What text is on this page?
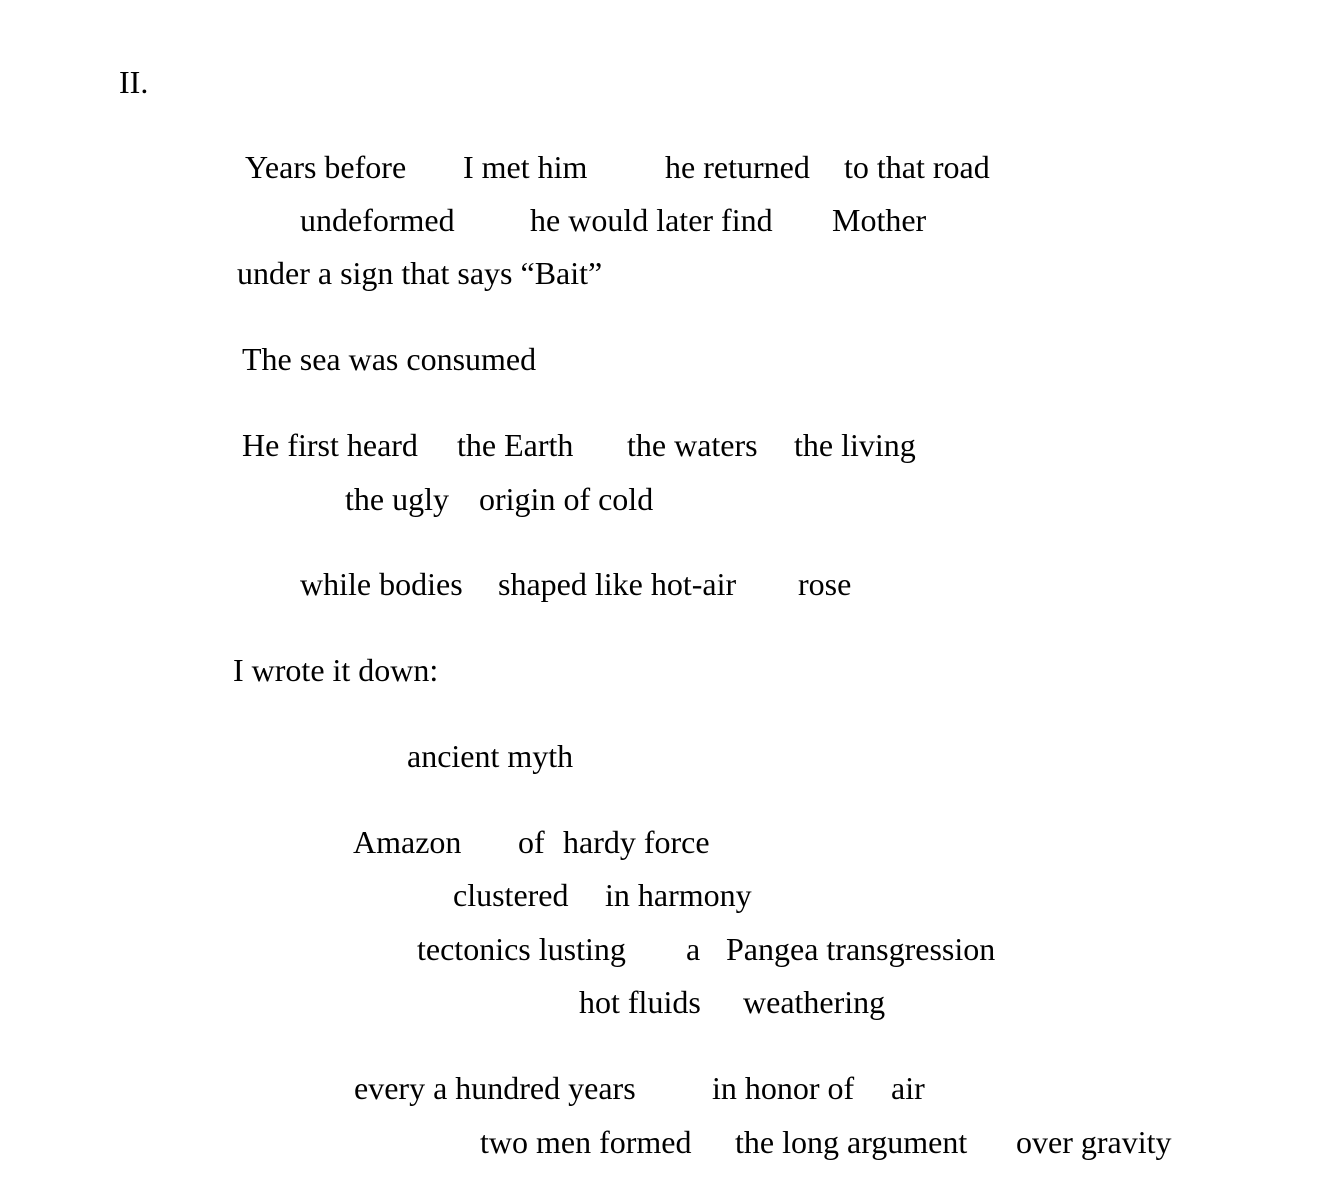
II.
Years before I met him he returned to that road
undeformed he would later find Mother
under a sign that says “Bait”
The sea was consumed
He first heard the Earth the waters the living
the ugly origin of cold
while bodies shaped like hot-air rose
I wrote it down:
ancient myth
Amazon of hardy force
clustered in harmony
tectonics lusting a Pangea transgression
hot fluids weathering
every a hundred years in honor of air
two men formed the long argument over gravity
